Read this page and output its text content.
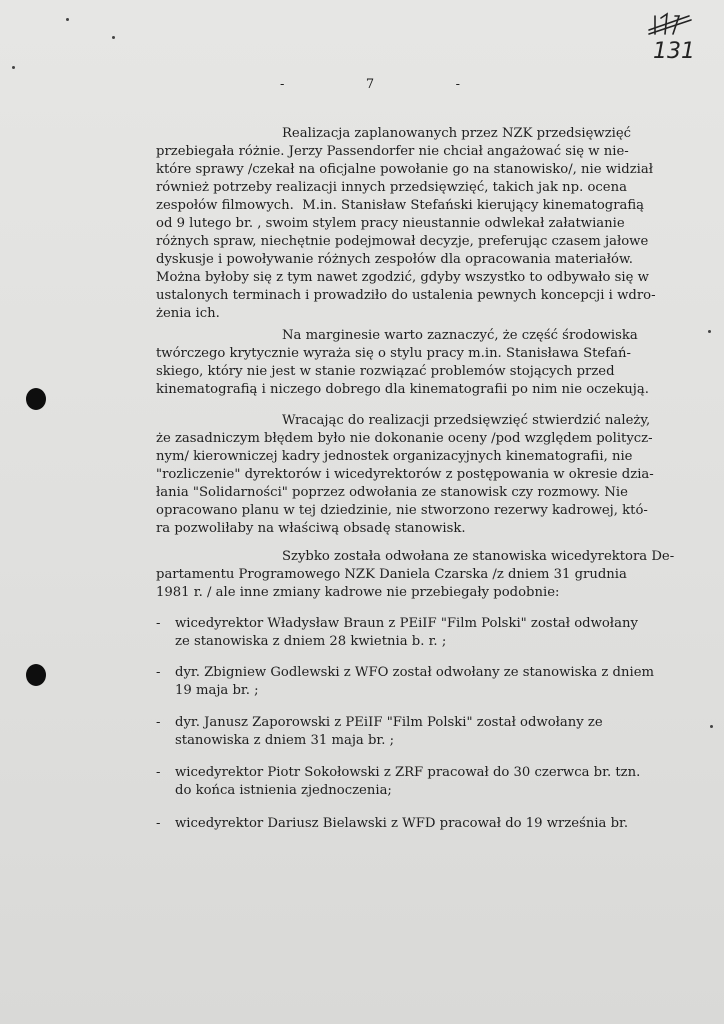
131
-	7	-
Realizacja zaplanowanych przez NZK przedsięwzięć
przebiegała różnie. Jerzy Passendorfer nie chciał angażować się w nie-
które sprawy /czekał na oficjalne powołanie go na stanowisko/, nie widział
również potrzeby realizacji innych przedsięwzięć, takich jak np. ocena
zespołów filmowych.  M.in. Stanisław Stefański kierujący kinematografią
od 9 lutego br. , swoim stylem pracy nieustannie odwlekał załatwianie
różnych spraw, niechętnie podejmował decyzje, preferując czasem jałowe
dyskusje i powoływanie różnych zespołów dla opracowania materiałów.
Można byłoby się z tym nawet zgodzić, gdyby wszystko to odbywało się w
ustalonych terminach i prowadziło do ustalenia pewnych koncepcji i wdro-
żenia ich.
Na marginesie warto zaznaczyć, że część środowiska
twórczego krytycznie wyraża się o stylu pracy m.in. Stanisława Stefań-
skiego, który nie jest w stanie rozwiązać problemów stojących przed
kinematografią i niczego dobrego dla kinematografii po nim nie oczekują.
Wracając do realizacji przedsięwzięć stwierdzić należy,
że zasadniczym błędem było nie dokonanie oceny /pod względem politycz-
nym/ kierowniczej kadry jednostek organizacyjnych kinematografii, nie
"rozliczenie" dyrektorów i wicedyrektorów z postępowania w okresie dzia-
łania "Solidarności" poprzez odwołania ze stanowisk czy rozmowy. Nie
opracowano planu w tej dziedzinie, nie stworzono rezerwy kadrowej, któ-
ra pozwoliłaby na właściwą obsadę stanowisk.
Szybko została odwołana ze stanowiska wicedyrektora De-
partamentu Programowego NZK Daniela Czarska /z dniem 31 grudnia
1981 r. / ale inne zmiany kadrowe nie przebiegały podobnie:
- wicedyrektor Władysław Braun z PEiIF "Film Polski" został odwołany
ze stanowiska z dniem 28 kwietnia b. r. ;
- dyr. Zbigniew Godlewski z WFO został odwołany ze stanowiska z dniem
19 maja br. ;
- dyr. Janusz Zaporowski z PEiIF "Film Polski" został odwołany ze
stanowiska z dniem 31 maja br. ;
- wicedyrektor Piotr Sokołowski z ZRF pracował do 30 czerwca br. tzn.
do końca istnienia zjednoczenia;
- wicedyrektor Dariusz Bielawski z WFD pracował do 19 września br.
